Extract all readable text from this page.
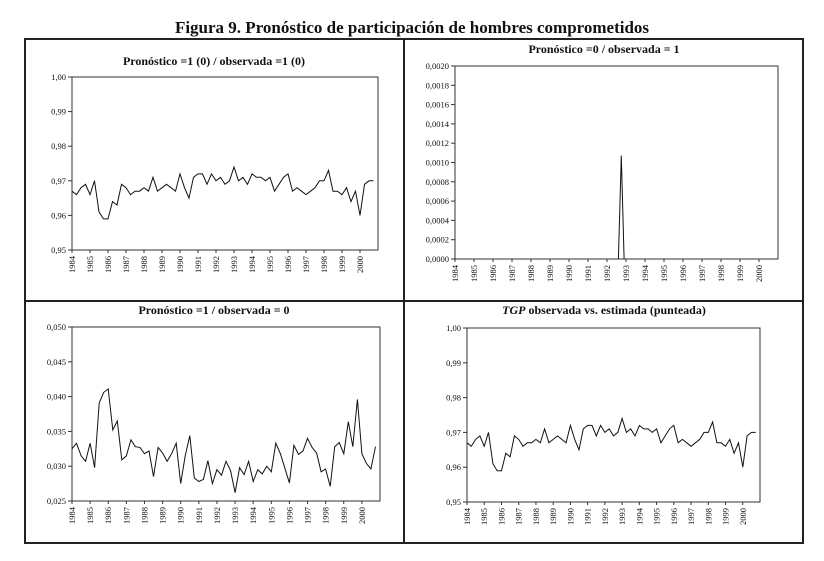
Figura 9. Pronóstico de participación de hombres comprometidos
Pronóstico =1 (0) / observada =1 (0)
0,95
0,96
0,97
0,98
0,99
1,00
1984 1985 1986 1987 1988 1989 1990 1991 1992 1993 1994 1995 1996 1997 1998 1999 2000
Pronóstico =0 / observada = 1
0,0000
0,0002
0,0004
0,0006
0,0008
0,0010
0,0012
0,0014
0,0016
0,0018
0,0020
1984 1985 1986 1987 1988 1989 1990 1991 1992 1993 1994 1995 1996 1997 1998 1999 2000
Pronóstico =1 / observada = 0
0,025
0,030
0,035
0,040
0,045
0,050
1984 1985 1986 1987 1988 1989 1990 1991 1992 1993 1994 1995 1996 1997 1998 1999 2000
TGP observada vs. estimada (punteada)
0,95
0,96
0,97
0,98
0,99
1,00
1984 1985 1986 1987 1988 1989 1990 1991 1992 1993 1994 1995 1996 1997 1998 1999 2000
